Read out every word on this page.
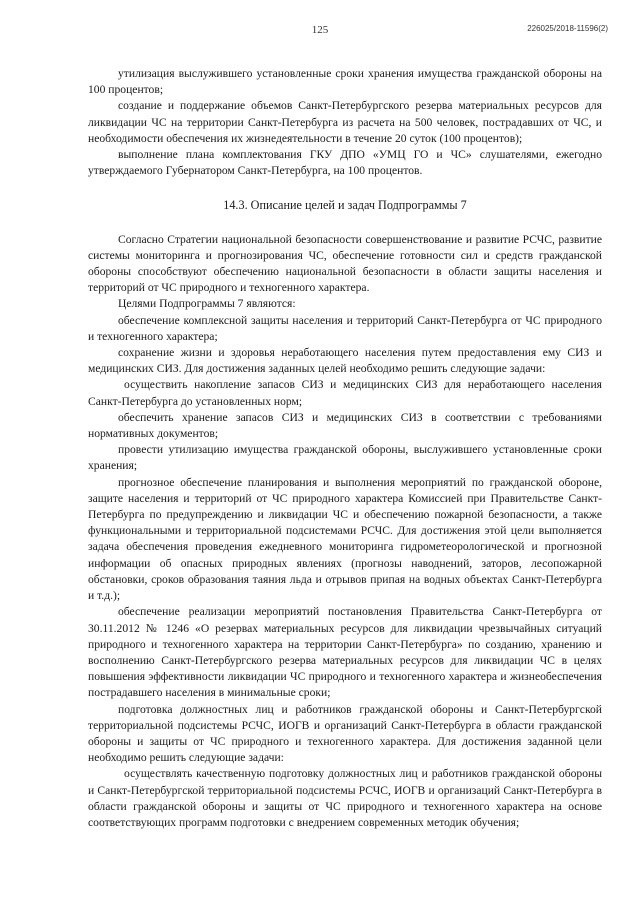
125	226025/2018-11596(2)

утилизация выслужившего установленные сроки хранения имущества гражданской обороны на 100 процентов;

создание и поддержание объемов Санкт-Петербургского резерва материальных ресурсов для ликвидации ЧС на территории Санкт-Петербурга из расчета на 500 человек, пострадавших от ЧС, и необходимости обеспечения их жизнедеятельности в течение 20 суток (100 процентов);

выполнение плана комплектования ГКУ ДПО «УМЦ ГО и ЧС» слушателями, ежегодно утверждаемого Губернатором Санкт-Петербурга, на 100 процентов.

14.3. Описание целей и задач Подпрограммы 7

Согласно Стратегии национальной безопасности совершенствование и развитие РСЧС, развитие системы мониторинга и прогнозирования ЧС, обеспечение готовности сил и средств гражданской обороны способствуют обеспечению национальной безопасности в области защиты населения и территорий от ЧС природного и техногенного характера.

Целями Подпрограммы 7 являются:

обеспечение комплексной защиты населения и территорий Санкт-Петербурга от ЧС природного и техногенного характера;

сохранение жизни и здоровья неработающего населения путем предоставления ему СИЗ и медицинских СИЗ. Для достижения заданных целей необходимо решить следующие задачи:

осуществить накопление запасов СИЗ и медицинских СИЗ для неработающего населения Санкт-Петербурга до установленных норм;

обеспечить хранение запасов СИЗ и медицинских СИЗ в соответствии с требованиями нормативных документов;

провести утилизацию имущества гражданской обороны, выслужившего установленные сроки хранения;

прогнозное обеспечение планирования и выполнения мероприятий по гражданской обороне, защите населения и территорий от ЧС природного характера Комиссией при Правительстве Санкт-Петербурга по предупреждению и ликвидации ЧС и обеспечению пожарной безопасности, а также функциональными и территориальной подсистемами РСЧС. Для достижения этой цели выполняется задача обеспечения проведения ежедневного мониторинга гидрометеорологической и прогнозной информации об опасных природных явлениях (прогнозы наводнений, заторов, лесопожарной обстановки, сроков образования таяния льда и отрывов припая на водных объектах Санкт-Петербурга и т.д.);

обеспечение реализации мероприятий постановления Правительства Санкт-Петербурга от 30.11.2012 № 1246 «О резервах материальных ресурсов для ликвидации чрезвычайных ситуаций природного и техногенного характера на территории Санкт-Петербурга» по созданию, хранению и восполнению Санкт-Петербургского резерва материальных ресурсов для ликвидации ЧС в целях повышения эффективности ликвидации ЧС природного и техногенного характера и жизнеобеспечения пострадавшего населения в минимальные сроки;

подготовка должностных лиц и работников гражданской обороны и Санкт-Петербургской территориальной подсистемы РСЧС, ИОГВ и организаций Санкт-Петербурга в области гражданской обороны и защиты от ЧС природного и техногенного характера. Для достижения заданной цели необходимо решить следующие задачи:

осуществлять качественную подготовку должностных лиц и работников гражданской обороны и Санкт-Петербургской территориальной подсистемы РСЧС, ИОГВ и организаций Санкт-Петербурга в области гражданской обороны и защиты от ЧС природного и техногенного характера на основе соответствующих программ подготовки с внедрением современных методик обучения;
